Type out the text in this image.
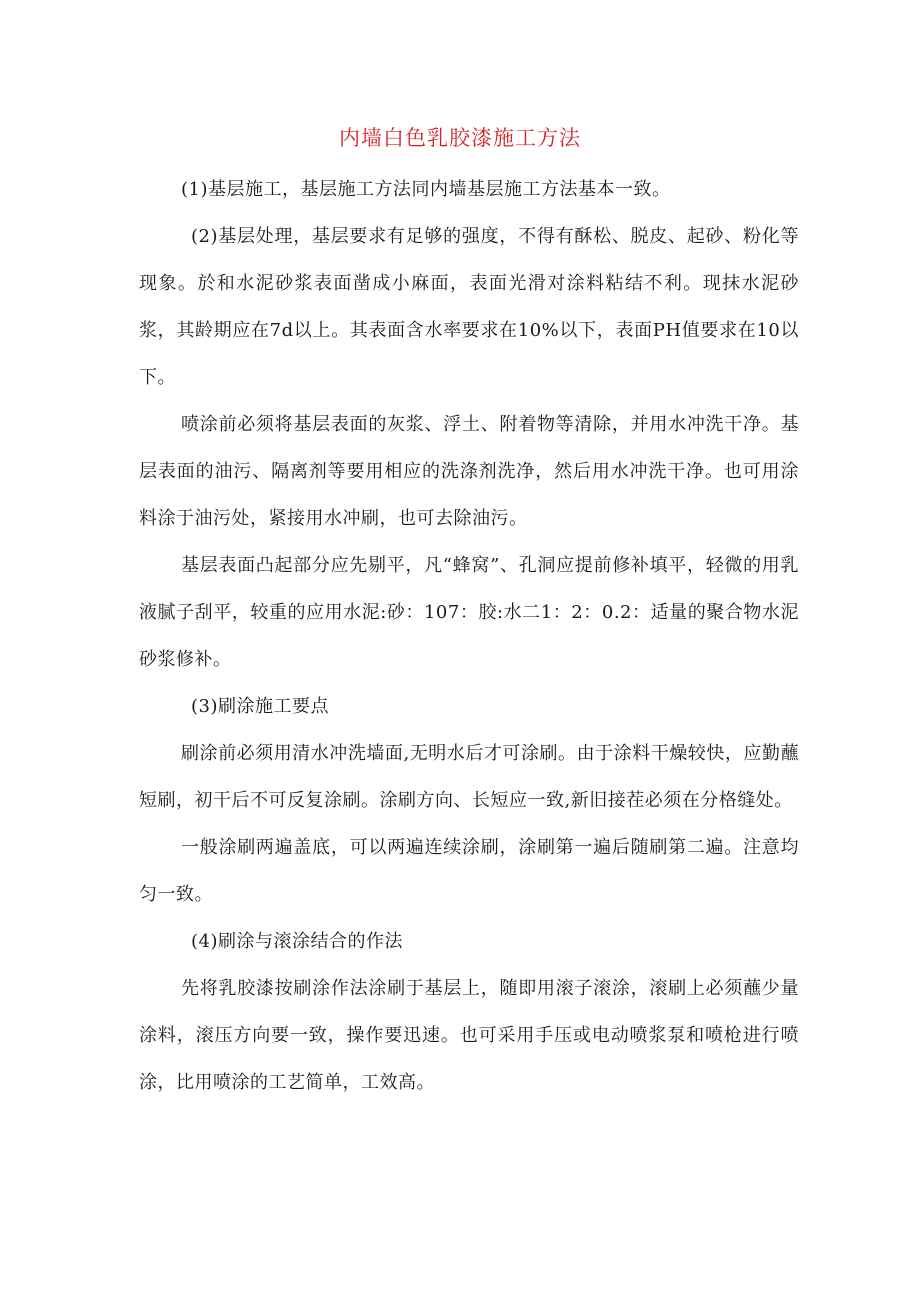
内墙白色乳胶漆施工方法

(1)基层施工，基层施工方法同内墙基层施工方法基本一致。

(2)基层处理，基层要求有足够的强度，不得有酥松、脱皮、起砂、粉化等现象。於和水泥砂浆表面凿成小麻面，表面光滑对涂料粘结不利。现抹水泥砂浆，其龄期应在7d以上。其表面含水率要求在10%以下，表面PH值要求在10以下。

喷涂前必须将基层表面的灰浆、浮土、附着物等清除，并用水冲洗干净。基层表面的油污、隔离剂等要用相应的洗涤剂洗净，然后用水冲洗干净。也可用涂料涂于油污处，紧接用水冲刷，也可去除油污。

基层表面凸起部分应先剔平，凡“蜂窝”、孔洞应提前修补填平，轻微的用乳液腻子刮平，较重的应用水泥:砂：107：胶:水二1：2：0.2：适量的聚合物水泥砂浆修补。

(3)刷涂施工要点

刷涂前必须用清水冲洗墙面,无明水后才可涂刷。由于涂料干燥较快，应勤蘸短刷，初干后不可反复涂刷。涂刷方向、长短应一致,新旧接茬必须在分格缝处。

一般涂刷两遍盖底，可以两遍连续涂刷，涂刷第一遍后随刷第二遍。注意均匀一致。

(4)刷涂与滚涂结合的作法

先将乳胶漆按刷涂作法涂刷于基层上，随即用滚子滚涂，滚刷上必须蘸少量涂料，滚压方向要一致，操作要迅速。也可采用手压或电动喷浆泵和喷枪进行喷涂，比用喷涂的工艺简单，工效高。
